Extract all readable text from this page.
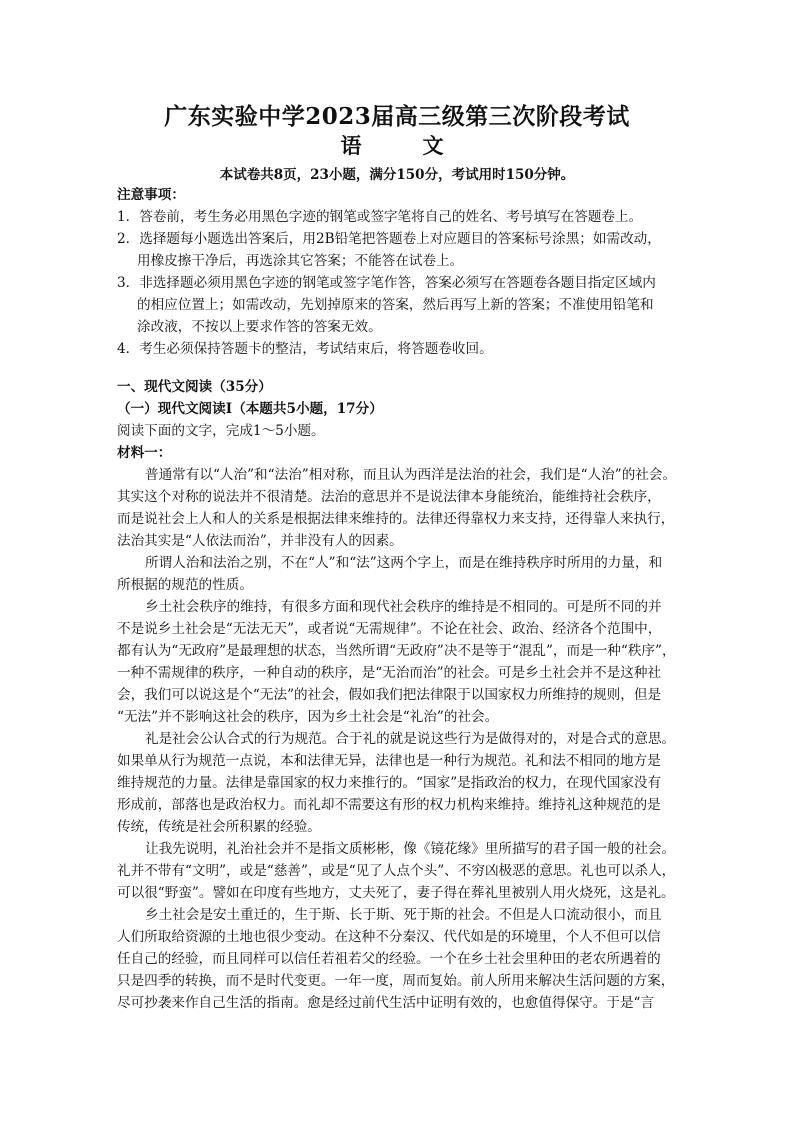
广东实验中学2023届高三级第三次阶段考试
语　文
本试卷共8页，23小题，满分150分，考试用时150分钟。
注意事项：
1．答卷前，考生务必用黑色字迹的钢笔或签字笔将自己的姓名、考号填写在答题卷上。
2．选择题每小题选出答案后，用2B铅笔把答题卷上对应题目的答案标号涂黑；如需改动，
用橡皮擦干净后，再选涂其它答案；不能答在试卷上。
3．非选择题必须用黑色字迹的钢笔或签字笔作答，答案必须写在答题卷各题目指定区域内
的相应位置上；如需改动，先划掉原来的答案，然后再写上新的答案；不准使用铅笔和
涂改液，不按以上要求作答的答案无效。
4．考生必须保持答题卡的整洁，考试结束后，将答题卷收回。
一、现代文阅读（35分）
（一）现代文阅读Ⅰ（本题共5小题，17分）
阅读下面的文字，完成1～5小题。
材料一：
普通常有以“人治”和“法治”相对称，而且认为西洋是法治的社会，我们是“人治”的社会。
其实这个对称的说法并不很清楚。法治的意思并不是说法律本身能统治，能维持社会秩序，
而是说社会上人和人的关系是根据法律来维持的。法律还得靠权力来支持，还得靠人来执行，
法治其实是“人依法而治”，并非没有人的因素。
所谓人治和法治之别，不在“人”和“法”这两个字上，而是在维持秩序时所用的力量，和
所根据的规范的性质。
乡土社会秩序的维持，有很多方面和现代社会秩序的维持是不相同的。可是所不同的并
不是说乡土社会是“无法无天”，或者说“无需规律”。不论在社会、政治、经济各个范围中，
都有认为“无政府”是最理想的状态，当然所谓“无政府”决不是等于“混乱”，而是一种“秩序”，
一种不需规律的秩序，一种自动的秩序，是“无治而治”的社会。可是乡土社会并不是这种社
会，我们可以说这是个“无法”的社会，假如我们把法律限于以国家权力所维持的规则，但是
“无法”并不影响这社会的秩序，因为乡土社会是“礼治”的社会。
礼是社会公认合式的行为规范。合于礼的就是说这些行为是做得对的，对是合式的意思。
如果单从行为规范一点说，本和法律无异，法律也是一种行为规范。礼和法不相同的地方是
维持规范的力量。法律是靠国家的权力来推行的。“国家”是指政治的权力，在现代国家没有
形成前，部落也是政治权力。而礼却不需要这有形的权力机构来维持。维持礼这种规范的是
传统，传统是社会所积累的经验。
让我先说明，礼治社会并不是指文质彬彬，像《镜花缘》里所描写的君子国一般的社会。
礼并不带有“文明”，或是“慈善”，或是“见了人点个头”、不穷凶极恶的意思。礼也可以杀人，
可以很“野蛮”。譬如在印度有些地方，丈夫死了，妻子得在葬礼里被别人用火烧死，这是礼。
乡土社会是安土重迁的，生于斯、长于斯、死于斯的社会。不但是人口流动很小，而且
人们所取给资源的土地也很少变动。在这种不分秦汉、代代如是的环境里，个人不但可以信
任自己的经验，而且同样可以信任若祖若父的经验。一个在乡土社会里种田的老农所遇着的
只是四季的转换，而不是时代变更。一年一度，周而复始。前人所用来解决生活问题的方案，
尽可抄袭来作自己生活的指南。愈是经过前代生活中证明有效的，也愈值得保守。于是“言
